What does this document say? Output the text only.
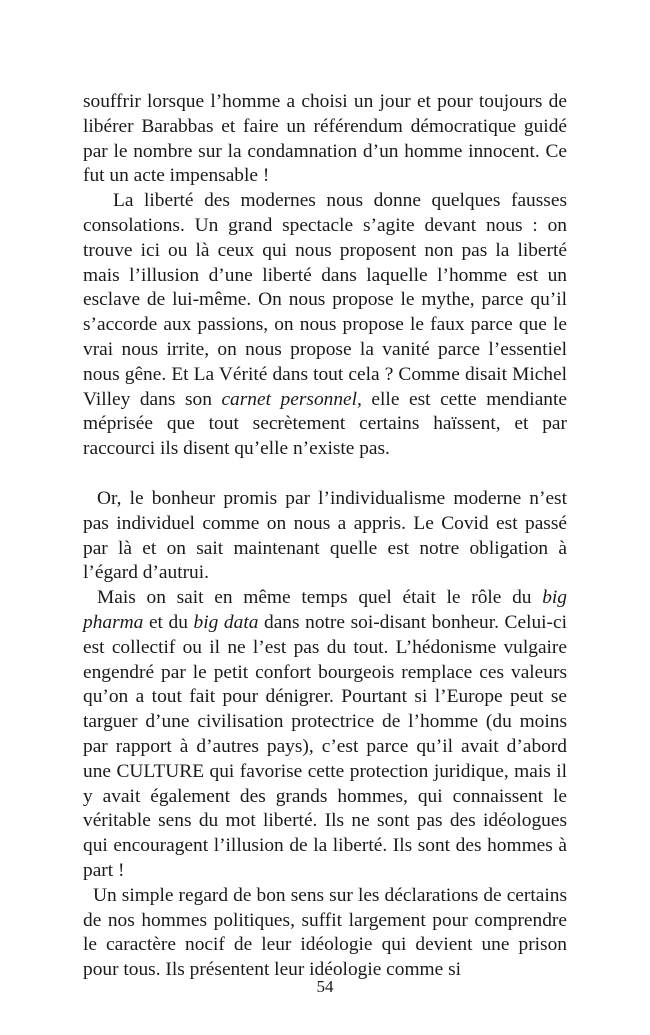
souffrir lorsque l’homme a choisi un jour et pour toujours de libérer Barabbas et faire un référendum démocratique guidé par le nombre sur la condamnation d’un homme innocent. Ce fut un acte impensable !

La liberté des modernes nous donne quelques fausses consolations. Un grand spectacle s’agite devant nous : on trouve ici ou là ceux qui nous proposent non pas la liberté mais l’illusion d’une liberté dans laquelle l’homme est un esclave de lui-même. On nous propose le mythe, parce qu’il s’accorde aux passions, on nous propose le faux parce que le vrai nous irrite, on nous propose la vanité parce l’essentiel nous gêne. Et La Vérité dans tout cela ? Comme disait Michel Villey dans son carnet personnel, elle est cette mendiante méprisée que tout secrètement certains haïssent, et par raccourci ils disent qu’elle n’existe pas.

Or, le bonheur promis par l’individualisme moderne n’est pas individuel comme on nous a appris. Le Covid est passé par là et on sait maintenant quelle est notre obligation à l’égard d’autrui.

Mais on sait en même temps quel était le rôle du big pharma et du big data dans notre soi-disant bonheur. Celui-ci est collectif ou il ne l’est pas du tout. L’hédonisme vulgaire engendré par le petit confort bourgeois remplace ces valeurs qu’on a tout fait pour dénigrer. Pourtant si l’Europe peut se targuer d’une civilisation protectrice de l’homme (du moins par rapport à d’autres pays), c’est parce qu’il avait d’abord une CULTURE qui favorise cette protection juridique, mais il y avait également des grands hommes, qui connaissent le véritable sens du mot liberté. Ils ne sont pas des idéologues qui encouragent l’illusion de la liberté. Ils sont des hommes à part !

Un simple regard de bon sens sur les déclarations de certains de nos hommes politiques, suffit largement pour comprendre le caractère nocif de leur idéologie qui devient une prison pour tous. Ils présentent leur idéologie comme si

54
